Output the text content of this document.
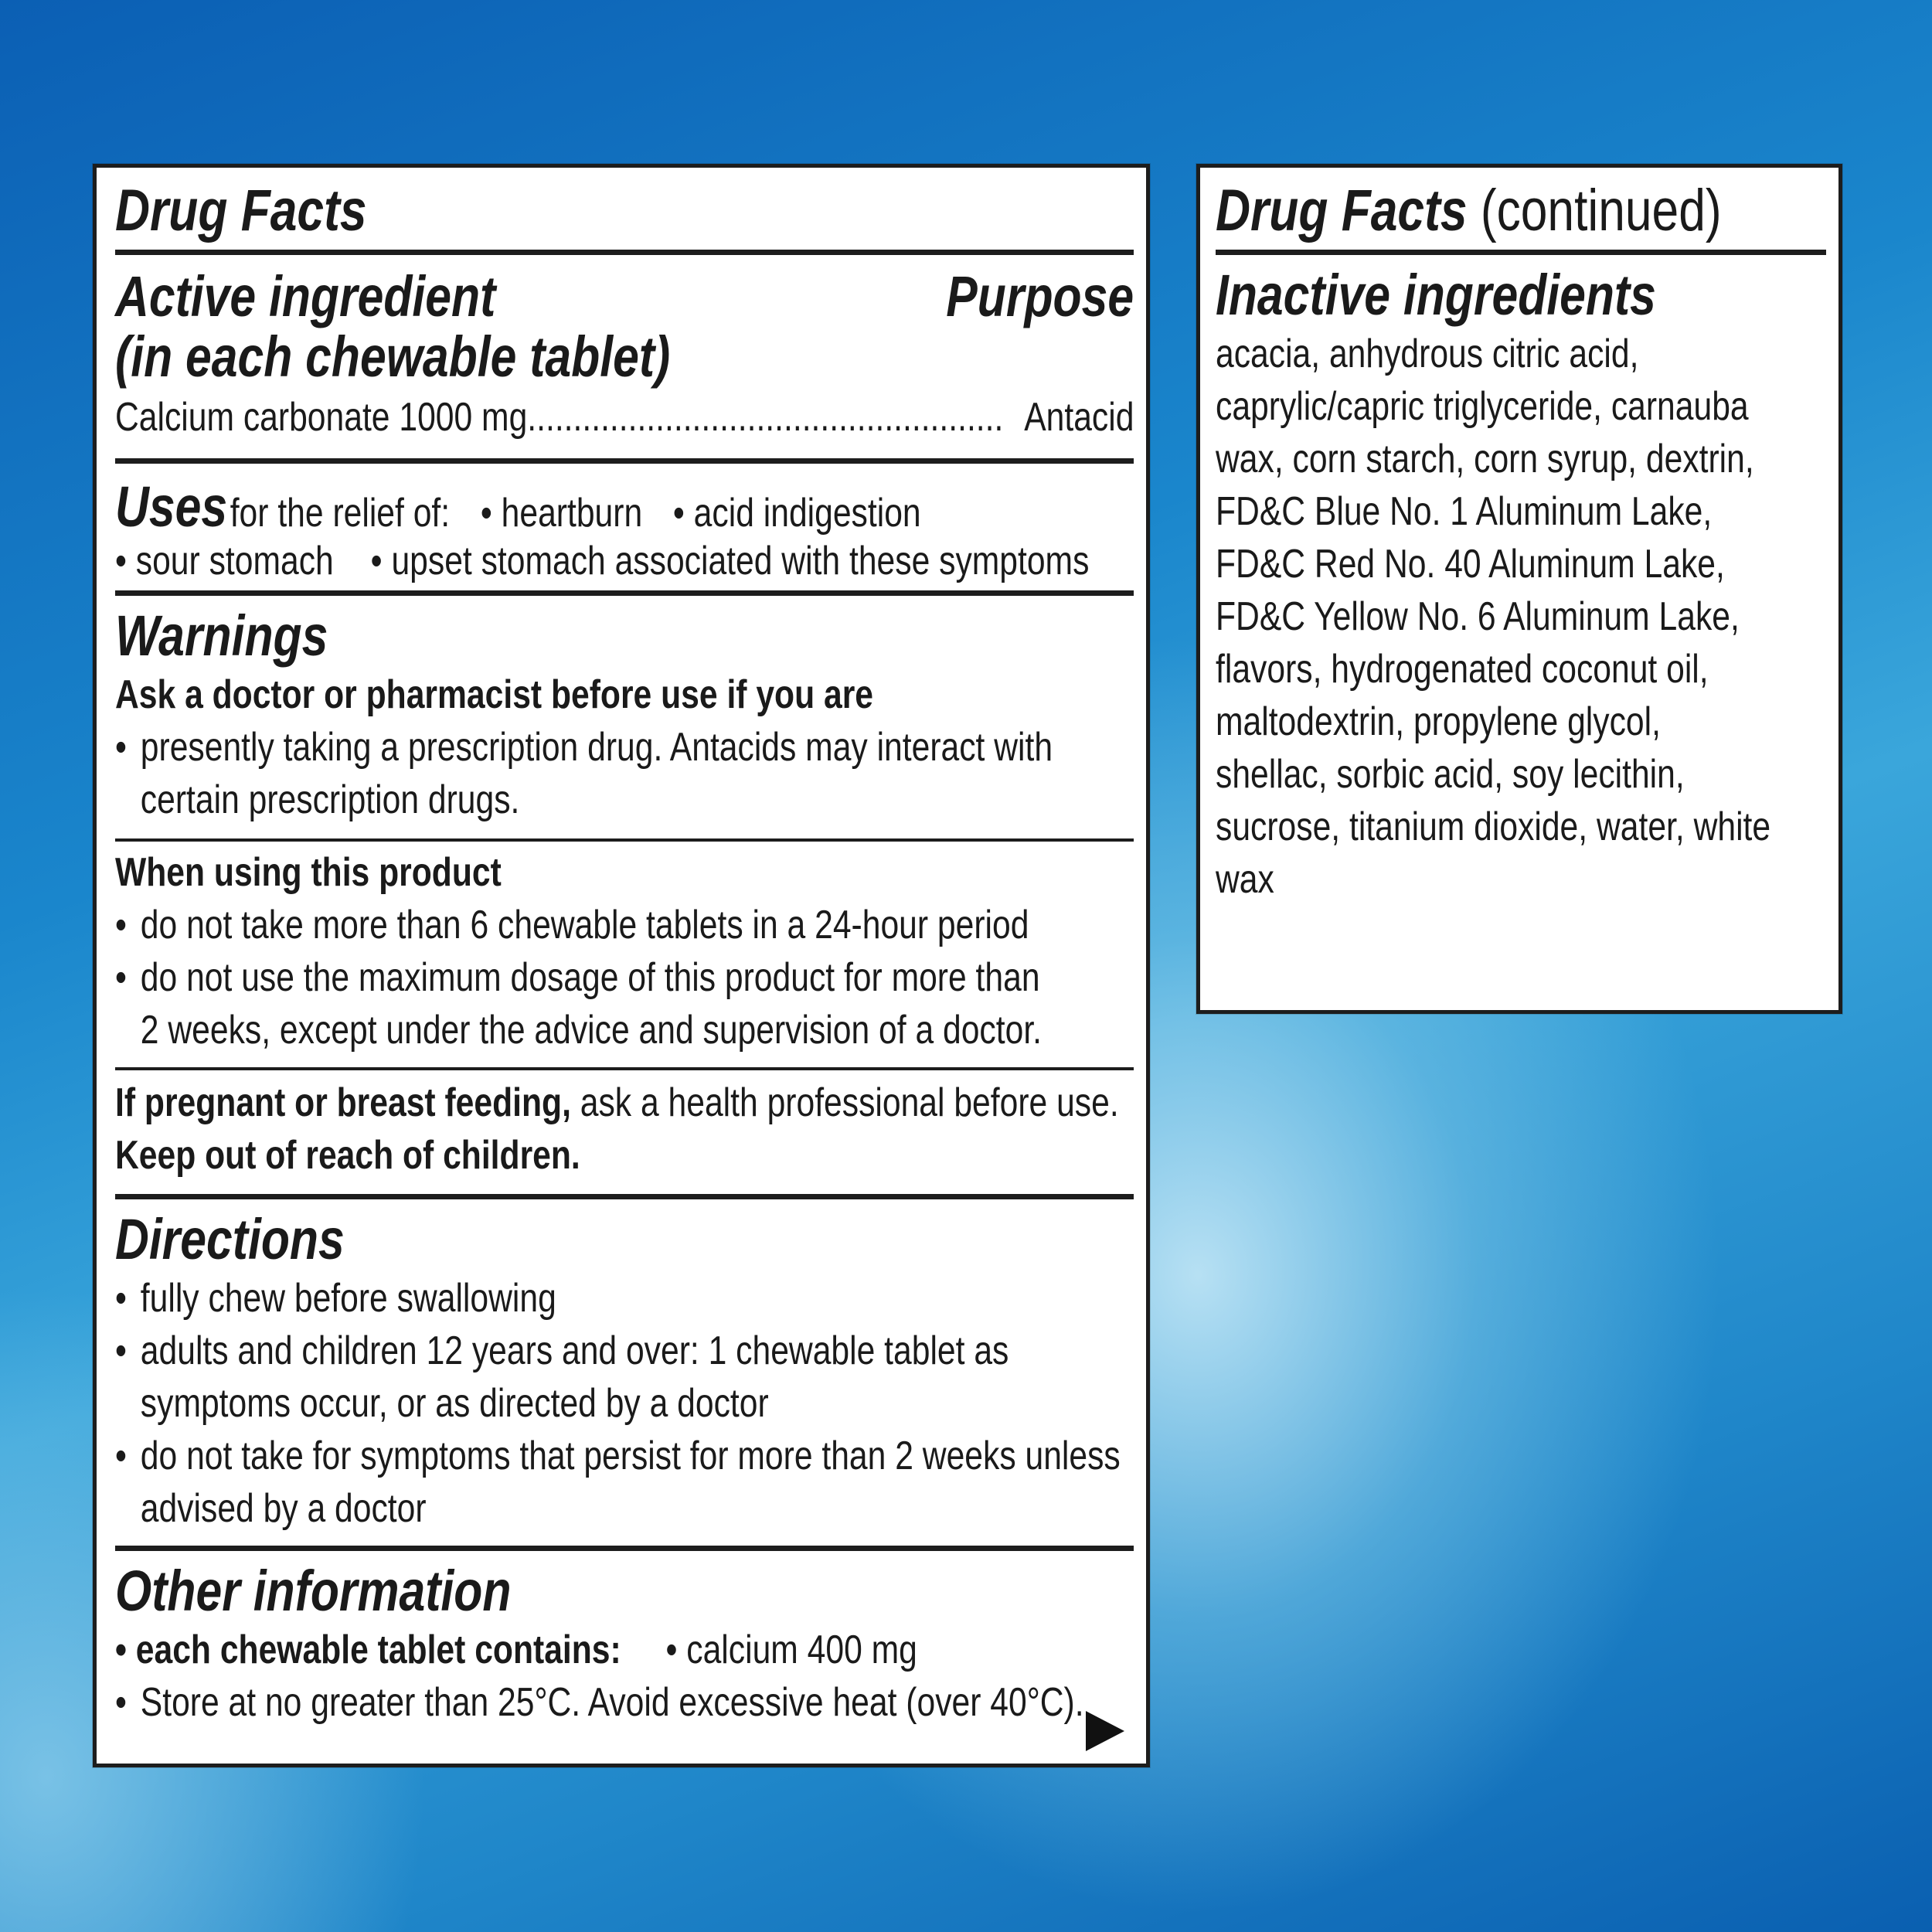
Drug Facts
Active ingredient	Purpose
(in each chewable tablet)
Calcium carbonate 1000 mg.................................................... Antacid
Uses for the relief of: • heartburn • acid indigestion
• sour stomach • upset stomach associated with these symptoms
Warnings
Ask a doctor or pharmacist before use if you are
• presently taking a prescription drug. Antacids may interact with
certain prescription drugs.
When using this product
• do not take more than 6 chewable tablets in a 24-hour period
• do not use the maximum dosage of this product for more than
2 weeks, except under the advice and supervision of a doctor.
If pregnant or breast feeding, ask a health professional before use.
Keep out of reach of children.
Directions
• fully chew before swallowing
• adults and children 12 years and over: 1 chewable tablet as
symptoms occur, or as directed by a doctor
• do not take for symptoms that persist for more than 2 weeks unless
advised by a doctor
Other information
• each chewable tablet contains: • calcium 400 mg
• Store at no greater than 25°C. Avoid excessive heat (over 40°C).
Drug Facts (continued)
Inactive ingredients
acacia, anhydrous citric acid,
caprylic/capric triglyceride, carnauba
wax, corn starch, corn syrup, dextrin,
FD&C Blue No. 1 Aluminum Lake,
FD&C Red No. 40 Aluminum Lake,
FD&C Yellow No. 6 Aluminum Lake,
flavors, hydrogenated coconut oil,
maltodextrin, propylene glycol,
shellac, sorbic acid, soy lecithin,
sucrose, titanium dioxide, water, white
wax
